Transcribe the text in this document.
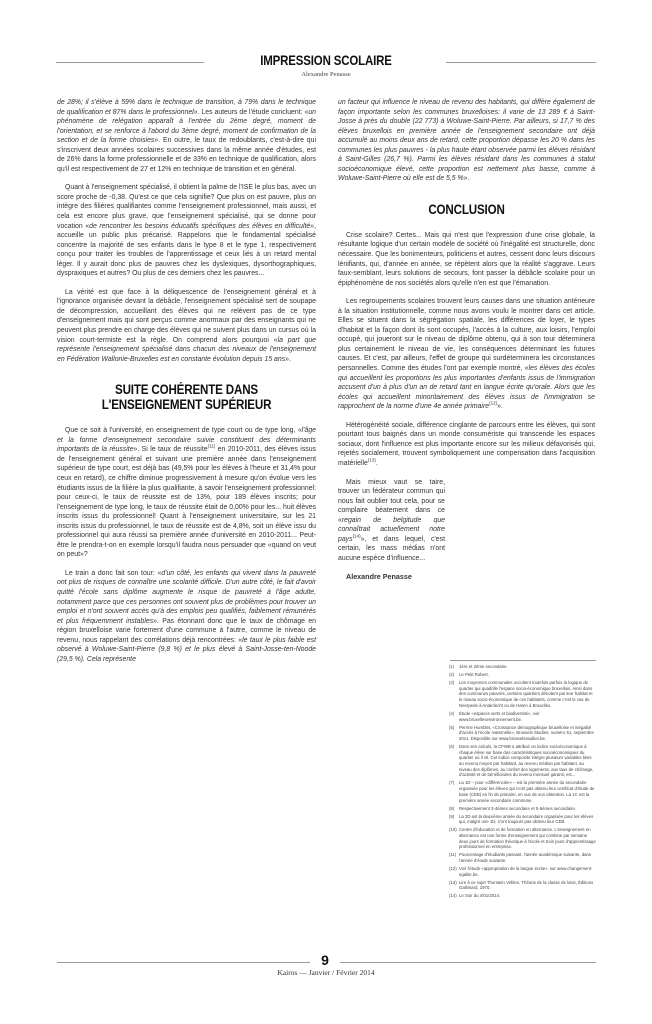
IMPRESSION SCOLAIRE
Alexandre Penasse

de 28%; il s'élève à 59% dans le technique de transition, à 79% dans le technique de qualification et 87% dans le professionnel». Les auteurs de l'étude concluent: «un phénomène de relégation apparaît à l'entrée du 2ème degré, moment de l'orientation, et se renforce à l'abord du 3ème degré, moment de confirmation de la section et de la forme choisies». En outre, le taux de redoublants, c'est-à-dire qui s'inscrivent deux années scolaires successives dans la même année d'études, est de 26% dans la forme professionnelle et de 33% en technique de qualification, alors qu'il est respectivement de 27 et 12% en technique de transition et en général.

Quant à l'enseignement spécialisé, il obtient la palme de l'ISE le plus bas, avec un score proche de -0,38. Qu'est ce que cela signifie? Que plus on est pauvre, plus on intègre des filières qualifiantes comme l'enseignement professionnel, mais aussi, et cela est encore plus grave, que l'enseignement spécialisé, qui se donne pour vocation «de rencontrer les besoins éducatifs spécifiques des élèves en difficulté», accueille un public plus précarisé. Rappelons que le fondamental spécialisé concentre la majorité de ses enfants dans le type 8 et le type 1, respectivement conçu pour traiter les troubles de l'apprentissage et ceux liés à un retard mental léger. Il y aurait donc plus de pauvres chez les dyslexiques, dysorthographiques, dyspraxiques et autres? Ou plus de ces derniers chez les pauvres...

La vérité est que face à la déliquescence de l'enseignement général et à l'ignorance organisée devant la débâcle, l'enseignement spécialisé sert de soupape de décompression, accueillant des élèves qui ne relèvent pas de ce type d'enseignement mais qui sont perçus comme anormaux par des enseignants qui ne peuvent plus prendre en charge des élèves qui ne suivent plus dans un cursus où la vision court-termiste est la règle. On comprend alors pourquoi «la part que représente l'enseignement spécialisé dans chacun des niveaux de l'enseignement en Fédération Wallonie-Bruxelles est en constante évolution depuis 15 ans».

SUITE COHÉRENTE DANS
L'ENSEIGNEMENT SUPÉRIEUR

Que ce soit à l'université, en enseignement de type court ou de type long, «l'âge et la forme d'enseignement secondaire suivie constituent des déterminants importants de la réussite». Si le taux de réussite$^{(11)}$ en 2010-2011, des élèves issus de l'enseignement général et suivant une première année dans l'enseignement supérieur de type court, est déjà bas (49,5% pour les élèves à l'heure et 31,4% pour ceux en retard), ce chiffre diminue progressivement à mesure qu'on évolue vers les étudiants issus de la filière la plus qualifiante, à savoir l'enseignement professionnel: pour ceux-ci, le taux de réussite est de 13%, pour 189 élèves inscrits; pour l'enseignement de type long, le taux de réussite était de 0,00% pour les... huit élèves inscrits issus du professionnel! Quant à l'enseignement universitaire, sur les 21 inscrits issus du professionnel, le taux de réussite est de 4,8%, soit un élève issu du professionnel qui aura réussi sa première année d'université en 2010-2011... Peut-être le prendra-t-on en exemple lorsqu'il faudra nous persuader que «quand on veut on peut»?

Le train a donc fait son tour: «d'un côté, les enfants qui vivent dans la pauvreté ont plus de risques de connaître une scolarité difficile. D'un autre côté, le fait d'avoir quitté l'école sans diplôme augmente le risque de pauvreté à l'âge adulte, notamment parce que ces personnes ont souvent plus de problèmes pour trouver un emploi et n'ont souvent accès qu'à des emplois peu qualifiés, faiblement rémunérés et plus fréquemment instables». Pas étonnant donc que le taux de chômage en région bruxelloise varie fortement d'une commune à l'autre, comme le niveau de revenu, nous rappelant des corrélations déjà rencontrées: «le taux le plus faible est observé à Woluwe-Saint-Pierre (9,8 %) et le plus élevé à Saint-Josse-ten-Noode (29,5 %). Cela représente

un facteur qui influence le niveau de revenu des habitants, qui diffère également de façon importante selon les communes bruxelloises: il varie de 13 289 € à Saint-Josse à près du double (22 773) à Woluwe-Saint-Pierre. Par ailleurs, si 17,7 % des élèves bruxellois en première année de l'enseignement secondaire ont déjà accumulé au moins deux ans de retard, cette proportion dépasse les 20 % dans les communes les plus pauvres - la plus haute étant observée parmi les élèves résidant à Saint-Gilles (26,7 %). Parmi les élèves résidant dans les communes à statut socioéconomique élevé, cette proportion est nettement plus basse, comme à Woluwe-Saint-Pierre où elle est de 5,5 %».

CONCLUSION

Crise scolaire? Certes... Mais qui n'est que l'expression d'une crise globale, la résultante logique d'un certain modèle de société où l'inégalité est structurelle, donc nécessaire. Que les bonimenteurs, politiciens et autres, cessent donc leurs discours lénifiants, qui, d'année en année, se répètent alors que la réalité s'aggrave. Leurs faux-semblant, leurs solutions de secours, font passer la débâcle scolaire pour un épiphénomène de nos sociétés alors qu'elle n'en est que l'émanation.

Les regroupements scolaires trouvent leurs causes dans une situation antérieure à la situation institutionnelle, comme nous avons voulu le montrer dans cet article. Elles se situent dans la ségrégation spatiale, les différences de loyer, le types d'habitat et la façon dont ils sont occupés, l'accès à la culture, aux loisirs, l'emploi occupé, qui joueront sur le niveau de diplôme obtenu, qui à son tour déterminera plus certainement le niveau de vie, les conséquences déterminant les futures causes. Et c'est, par ailleurs, l'effet de groupe qui surdéterminera les circonstances personnelles. Comme des études l'ont par exemple montré, «les élèves des écoles qui accueillent les proportions les plus importantes d'enfants issus de l'immigration accusent d'un à plus d'un an de retard tant en langue écrite qu'orale. Alors que les écoles qui accueillent minoritairement des élèves issus de l'immigration se rapprochent de la norme d'une 4e année primaire$^{(12)}$».

Hétérogénéité sociale, différence cinglante de parcours entre les élèves, qui sont pourtant tous baignés dans un monde consumériste qui transcende les espaces sociaux, dont l'influence est plus importante encore sur les milieux défavorisés qui, rejetés socialement, trouvent symboliquement une compensation dans l'acquisition matérielle$^{(13)}$.

Mais mieux vaut se taire, trouver un fédérateur commun qui nous fait oublier tout cela, pour se complaire béatement dans ce «regain de belgitude que connaîtrait actuellement notre pays$^{(14)}$», et dans lequel, c'est certain, les mass médias n'ont aucune espèce d'influence...

Alexandre Penasse

(1)	1ère et 2ème secondaire.
(2)	Le Petit Robert.
(3)	Les moyennes communales occultent toutefois parfois la logique de quartier qui quadrille l'espace socio-économique bruxellois. Ainsi dans des communes pauvres, certains quartiers dénotent par leur habitat et le niveau socio-économique de ces habitants, comme c'est le cas de Neerpede à Anderlecht ou de Haren à Bruxelles.
(4)	Étude «espaces verts et biodiversité», voir www.bruxellesenvironnement.be.
(5)	Perrine Humblet, «Croissance démographique bruxelloise et inégalité d'accès à l'école maternelle», Brussels Studies, numéro 51, septembre 2011. Disponible sur www.brusselsstudies.be .
(6)	Dans ses calculs, la CFWB a attribué un indice socioéconomique à chaque élève sur base des caractéristiques socioéconomiques du quartier où il vit. Cet indice composite intègre plusieurs variables liées au revenu moyen par habitant, au revenu médian par habitant, au niveau des diplômes, au confort des logements, aux taux de chômage, d'activité et de bénéficiaires du revenu mensuel garanti, etc...
(7)	La 1D – pour «différenciée» – est la première année du secondaire organisée pour les élèves qui n'ont pas obtenu leur certificat d'étude de base (CEB) en fin de primaire, en vue de son obtention. La 1C est la première année secondaire commune.
(8)	Respectivement 3-4èmes secondaire et 5-6èmes secondaire.
(9)	La 2D est la deuxième année du secondaire organisée pour les élèves qui, malgré une 1D, n'ont toujours pas obtenu leur CEB.
(10) Centre d'éducation et de formation en alternance. L'enseignement en alternance est une forme d'enseignement qui combine par semaine deux jours de formation théorique à l'école et trois jours d'apprentissage professionnel en entreprise.
(11) Pourcentage d'étudiants passant, l'année académique suivante, dans l'année d'étude suivante.
(12) Voir l'étude «appropriation de la langue écrite», sur www.changement-egalite.be.
(13) Lire à ce sujet Thorstein Veblen, Théorie de la classe de loisir, Éditions Gallimard, 1970.
(14) Le Soir du 4/01/2014.
9
Kairos — Janvier / Février 2014
